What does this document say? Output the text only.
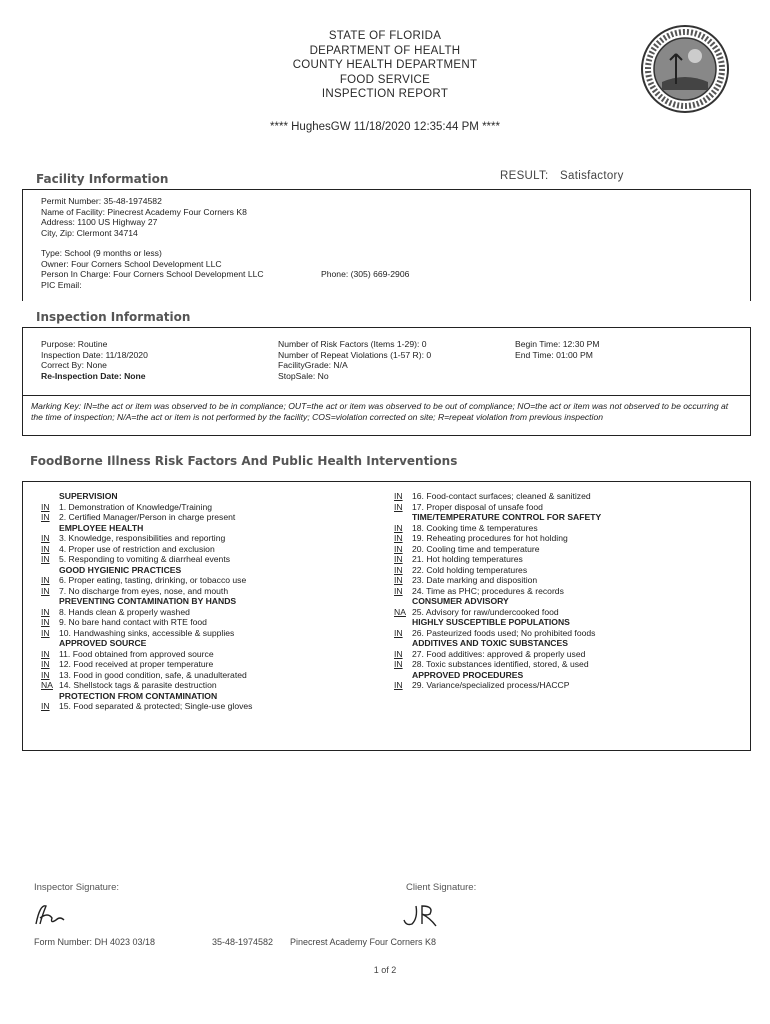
STATE OF FLORIDA
DEPARTMENT OF HEALTH
COUNTY HEALTH DEPARTMENT
FOOD SERVICE
INSPECTION REPORT
**** HughesGW 11/18/2020 12:35:44 PM ****
Facility Information	RESULT: Satisfactory
Permit Number: 35-48-1974582
Name of Facility: Pinecrest Academy Four Corners K8
Address: 1100 US Highway 27
City, Zip: Clermont 34714
Type: School (9 months or less)
Owner: Four Corners School Development LLC
Person In Charge: Four Corners School Development LLC	Phone: (305) 669-2906
PIC Email:
Inspection Information
Purpose: Routine
Inspection Date: 11/18/2020
Correct By: None
Re-Inspection Date: None
Number of Risk Factors (Items 1-29): 0
Number of Repeat Violations (1-57 R): 0
FacilityGrade: N/A
StopSale: No
Begin Time: 12:30 PM
End Time: 01:00 PM
Marking Key: IN=the act or item was observed to be in compliance; OUT=the act or item was observed to be out of compliance; NO=the act or item was not observed to be occurring at the time of inspection; N/A=the act or item is not performed by the facility; COS=violation corrected on site; R=repeat violation from previous inspection
FoodBorne Illness Risk Factors And Public Health Interventions
SUPERVISION
IN 1. Demonstration of Knowledge/Training
IN 2. Certified Manager/Person in charge present
EMPLOYEE HEALTH
IN 3. Knowledge, responsibilities and reporting
IN 4. Proper use of restriction and exclusion
IN 5. Responding to vomiting & diarrheal events
GOOD HYGIENIC PRACTICES
IN 6. Proper eating, tasting, drinking, or tobacco use
IN 7. No discharge from eyes, nose, and mouth
PREVENTING CONTAMINATION BY HANDS
IN 8. Hands clean & properly washed
IN 9. No bare hand contact with RTE food
IN 10. Handwashing sinks, accessible & supplies
APPROVED SOURCE
IN 11. Food obtained from approved source
IN 12. Food received at proper temperature
IN 13. Food in good condition, safe, & unadulterated
NA 14. Shellstock tags & parasite destruction
PROTECTION FROM CONTAMINATION
IN 15. Food separated & protected; Single-use gloves
IN 16. Food-contact surfaces; cleaned & sanitized
IN 17. Proper disposal of unsafe food
TIME/TEMPERATURE CONTROL FOR SAFETY
IN 18. Cooking time & temperatures
IN 19. Reheating procedures for hot holding
IN 20. Cooling time and temperature
IN 21. Hot holding temperatures
IN 22. Cold holding temperatures
IN 23. Date marking and disposition
IN 24. Time as PHC; procedures & records
CONSUMER ADVISORY
NA 25. Advisory for raw/undercooked food
HIGHLY SUSCEPTIBLE POPULATIONS
IN 26. Pasteurized foods used; No prohibited foods
ADDITIVES AND TOXIC SUBSTANCES
IN 27. Food additives: approved & properly used
IN 28. Toxic substances identified, stored, & used
APPROVED PROCEDURES
IN 29. Variance/specialized process/HACCP
Inspector Signature:	Client Signature:
Form Number: DH 4023 03/18	35-48-1974582 Pinecrest Academy Four Corners K8
1 of 2
